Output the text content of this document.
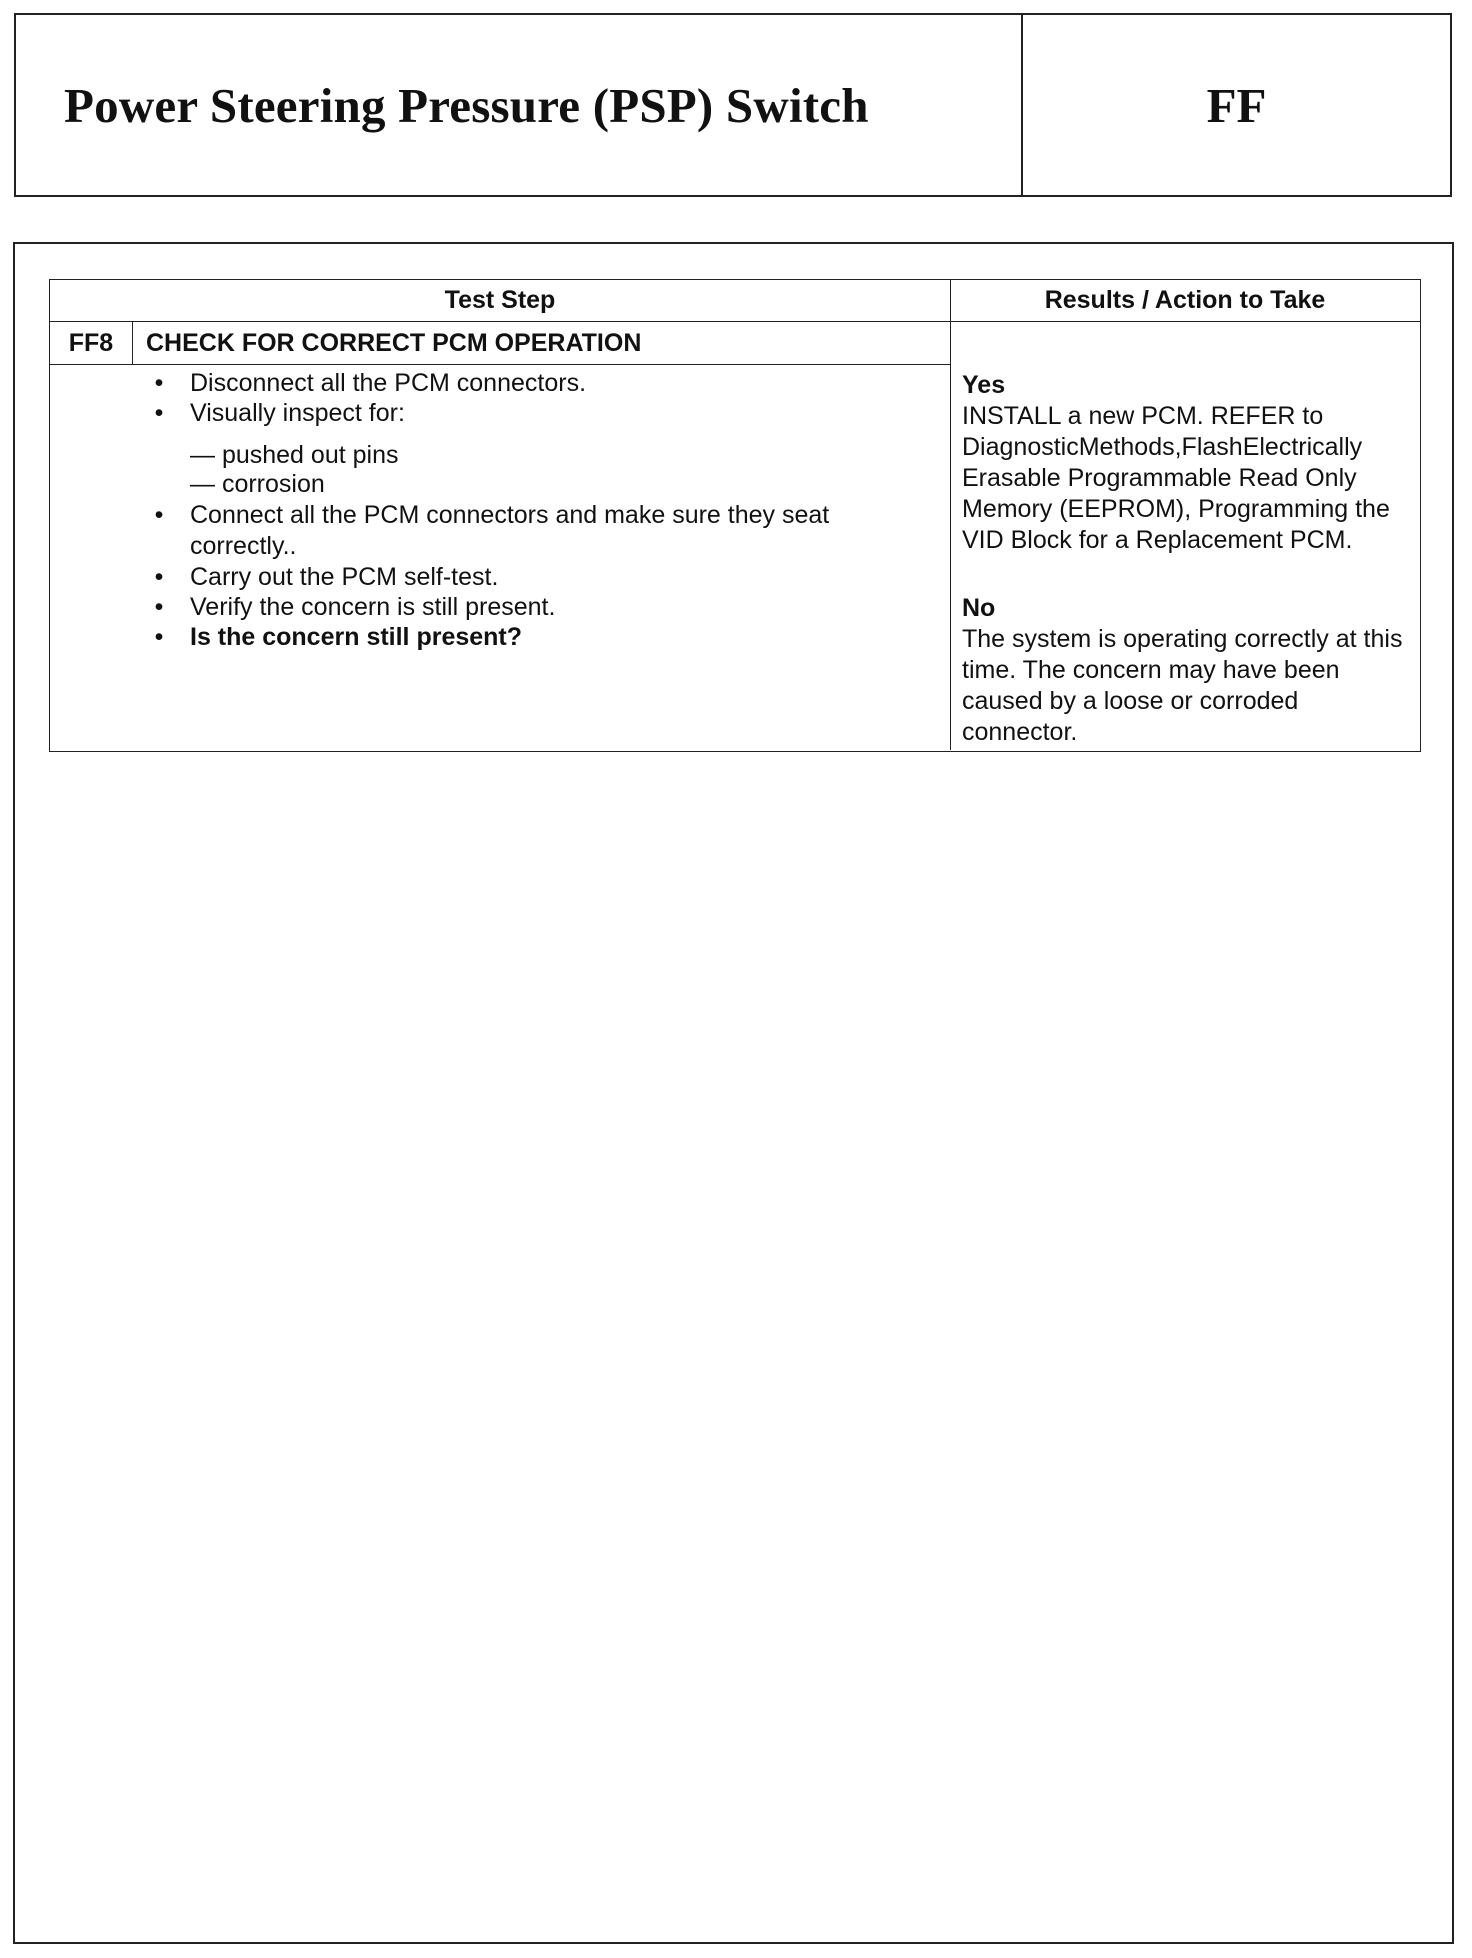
Power Steering Pressure (PSP) Switch	FF
Test Step	Results / Action to Take
FF8	CHECK FOR CORRECT PCM OPERATION
• Disconnect all the PCM connectors.
• Visually inspect for:
— pushed out pins
— corrosion
• Connect all the PCM connectors and make sure they seat correctly..
• Carry out the PCM self-test.
• Verify the concern is still present.
• Is the concern still present?
Yes
INSTALL a new PCM. REFER to DiagnosticMethods,FlashElectrically Erasable Programmable Read Only Memory (EEPROM), Programming the VID Block for a Replacement PCM.
No
The system is operating correctly at this time. The concern may have been caused by a loose or corroded connector.
